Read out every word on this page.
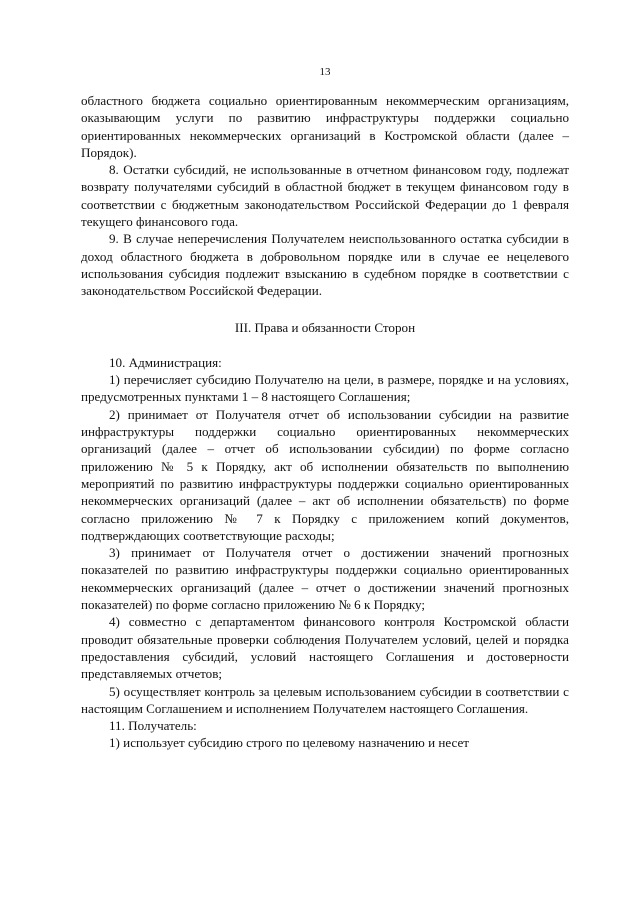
13

областного бюджета социально ориентированным некоммерческим организациям, оказывающим услуги по развитию инфраструктуры поддержки социально ориентированных некоммерческих организаций в Костромской области (далее – Порядок).

8. Остатки субсидий, не использованные в отчетном финансовом году, подлежат возврату получателями субсидий в областной бюджет в текущем финансовом году в соответствии с бюджетным законодательством Российской Федерации до 1 февраля текущего финансового года.

9. В случае неперечисления Получателем неиспользованного остатка субсидии в доход областного бюджета в добровольном порядке или в случае ее нецелевого использования субсидия подлежит взысканию в судебном порядке в соответствии с законодательством Российской Федерации.

III. Права и обязанности Сторон

10. Администрация:

1) перечисляет субсидию Получателю на цели, в размере, порядке и на условиях, предусмотренных пунктами 1 – 8 настоящего Соглашения;

2) принимает от Получателя отчет об использовании субсидии на развитие инфраструктуры поддержки социально ориентированных некоммерческих организаций (далее – отчет об использовании субсидии) по форме согласно приложению № 5 к Порядку, акт об исполнении обязательств по выполнению мероприятий по развитию инфраструктуры поддержки социально ориентированных некоммерческих организаций (далее – акт об исполнении обязательств) по форме согласно приложению № 7 к Порядку с приложением копий документов, подтверждающих соответствующие расходы;

3) принимает от Получателя отчет о достижении значений прогнозных показателей по развитию инфраструктуры поддержки социально ориентированных некоммерческих организаций (далее – отчет о достижении значений прогнозных показателей) по форме согласно приложению № 6 к Порядку;

4) совместно с департаментом финансового контроля Костромской области проводит обязательные проверки соблюдения Получателем условий, целей и порядка предоставления субсидий, условий настоящего Соглашения и достоверности представляемых отчетов;

5) осуществляет контроль за целевым использованием субсидии в соответствии с настоящим Соглашением и исполнением Получателем настоящего Соглашения.

11. Получатель:

1) использует субсидию строго по целевому назначению и несет
